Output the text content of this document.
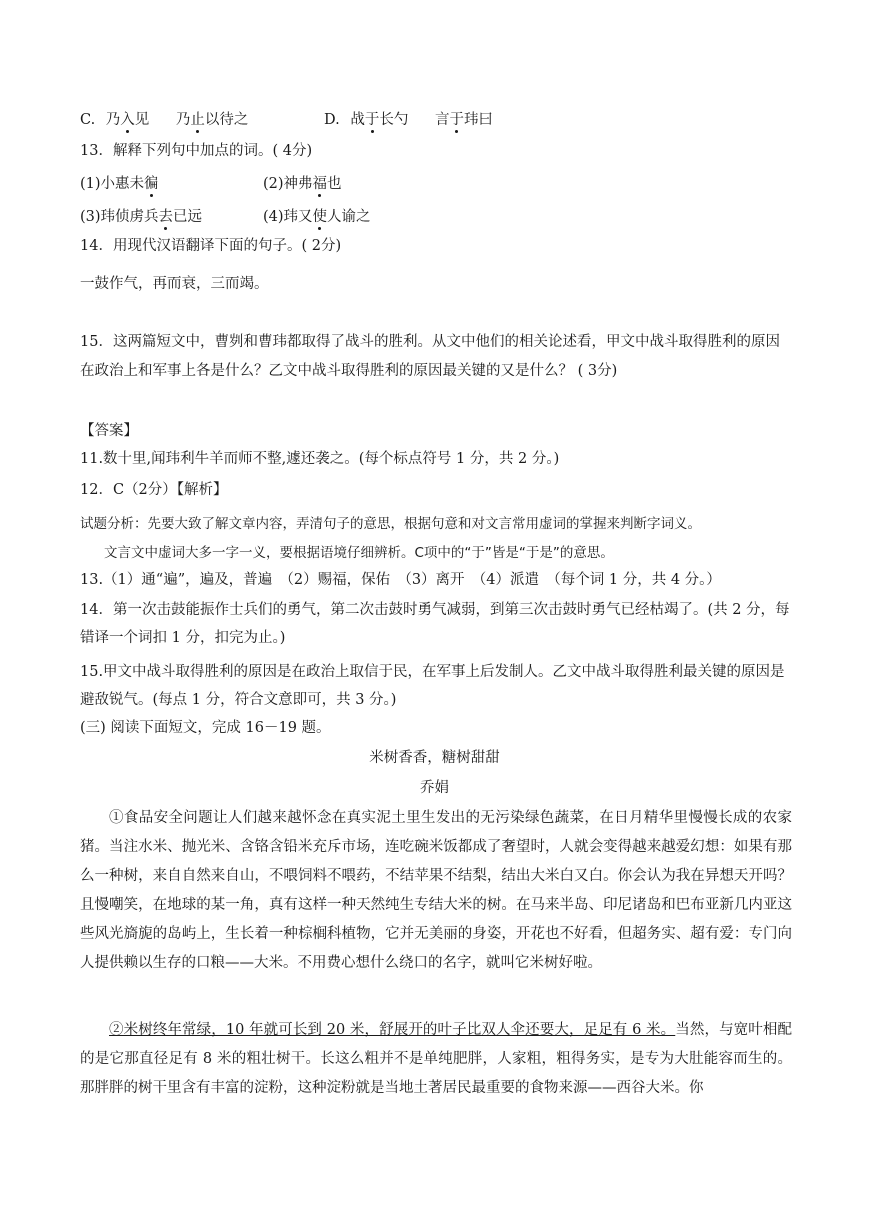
C. 乃入见 乃止以待之	D. 战于长勺 言于玮曰
13．解释下列句中加点的词。( 4分)
(1)小惠未徧	(2)神弗福也
(3)玮侦虏兵去已远	(4)玮又使人谕之
14．用现代汉语翻译下面的句子。( 2分)
一鼓作气，再而衰，三而竭。
15．这两篇短文中，曹刿和曹玮都取得了战斗的胜利。从文中他们的相关论述看，甲文中战斗取得胜利的原因在政治上和军事上各是什么？乙文中战斗取得胜利的原因最关键的又是什么？ ( 3分)
【答案】
11.数十里,闻玮利牛羊而师不整,遽还袭之。(每个标点符号 1 分，共 2 分。)
12．C（2分）【解析】
试题分析：先要大致了解文章内容，弄清句子的意思，根据句意和对文言常用虚词的掌握来判断字词义。
文言文中虚词大多一字一义，要根据语境仔细辨析。C项中的“于”皆是“于是”的意思。
13.（1）通“遍”，遍及，普遍　（2）赐福，保佑　（3）离开　（4）派遣　（每个词 1 分，共 4 分。）
14．第一次击鼓能振作士兵们的勇气，第二次击鼓时勇气减弱，到第三次击鼓时勇气已经枯竭了。(共 2 分，每错译一个词扣 1 分，扣完为止。)
15.甲文中战斗取得胜利的原因是在政治上取信于民，在军事上后发制人。乙文中战斗取得胜利最关键的原因是避敌锐气。(每点 1 分，符合文意即可，共 3 分。)
(三) 阅读下面短文，完成 16－19 题。
米树香香，糖树甜甜
乔娟
①食品安全问题让人们越来越怀念在真实泥土里生发出的无污染绿色蔬菜，在日月精华里慢慢长成的农家猪。当注水米、抛光米、含铬含铅米充斥市场，连吃碗米饭都成了奢望时，人就会变得越来越爱幻想：如果有那么一种树，来自自然来自山，不喂饲料不喂药，不结苹果不结梨，结出大米白又白。你会认为我在异想天开吗？且慢嘲笑，在地球的某一角，真有这样一种天然纯生专结大米的树。在马来半岛、印尼诸岛和巴布亚新几内亚这些风光旖旎的岛屿上，生长着一种棕榈科植物，它并无美丽的身姿，开花也不好看，但超务实、超有爱：专门向人提供赖以生存的口粮——大米。不用费心想什么绕口的名字，就叫它米树好啦。
②米树终年常绿，10 年就可长到 20 米，舒展开的叶子比双人伞还要大，足足有 6 米。当然，与宽叶相配的是它那直径足有 8 米的粗壮树干。长这么粗并不是单纯肥胖，人家粗，粗得务实，是专为大肚能容而生的。那胖胖的树干里含有丰富的淀粉，这种淀粉就是当地土著居民最重要的食物来源——西谷大米。你
